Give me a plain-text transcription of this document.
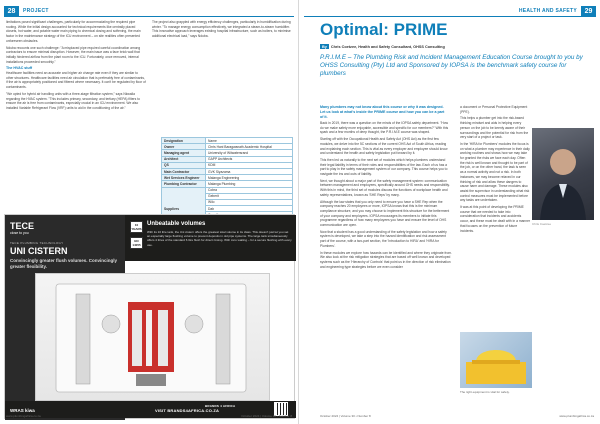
28	PROJECT

limitations posed significant challenges, particularly for accommodating the required pipe routing. While the initial design accounted for technical requirements like centrally placed closets, hot water, and potable water main piping to chemical dosing and softening, the main factor in the maintenance strategy of the ICU environment – on site realities often presented unforeseen obstacles.

Nduba recounts one such challenge: "A misplaced pipe required careful coordination among contractors to ensure minimal disruption. However, the main issue was a face brick wall that initially hindered airflow from the plant room to the ICU. Fortunately, once removed, internal installations proceeded smoothly."

The HVAC stuff

Healthcare facilities need an accurate and higher air change rate even if they are similar to other structures. Healthcare facilities need air circulation that is preferably free of contaminants, if the air is appropriately positioned and filtered where necessary. It can't be regulated by floor of contaminants.

"We opted for hybrid air handling units with a three-stage filtration system," says Nkwalla regarding the HVAC system. "This includes primary, secondary, and tertiary (HEPA) filters to ensure the air is free from contaminants, especially crucial in an ICU environment. We also installed Variable Refrigerant Flow (VRF) units to aid in the conditioning of the air."

The project also grappled with energy efficiency challenges, particularly in humidification during winter. "To manage energy consumption effectively, we integrated a steam-to-steam humidifier. This innovative approach leverages existing hospital infrastructure, such as boilers, to minimise additional electrical load," says Nduba.

Designation	Name
Owner	Chris Hani Baragwanath Academic Hospital
Managing agent	University of Witwatersrand
Architect	GAPP Architects
QS	KDM
Main Contractor	GVK Siyazama
Wet Services Engineer	Malanga Engineering
Plumbing Contractor	Malanga Plumbing
Suppliers	Cobra
	Geberit
	Wilo
	Dab

TECE
close to you
TECE PLUMBING TECHNOLOGY
UNI CISTERN
Convincingly greater flush volumes. Convincingly greater flexibility.
10 YEARS
EN 14055
Unbeatable volumes
With its 10 litre tank, the Uni cistern offers the greatest total volume in its class. This doesn't just let you set an especially large flushing volume to prevent deposits in old pipe systems. The large tank simultaneously offers 4 litres of the standard 6 litre flush for direct rinsing. With zero waiting – for a secure flushing with every use.
WRAS kiwa	VISIT BRANDS4AFRICA.CO.ZA
BRANDS 4 AFRICA
www.plumbingafrica.co.za	October 2024 | Volume 30 • Number 8
HEALTH AND SAFETY	29
Optimal: PRIME
By	Chris Coetzee, Health and Safety Consultant, OHSS Consulting
P.R.I.M.E – The Plumbing Risk and Incident Management Education Course brought to you by OHSS Consulting (Pty) Ltd and Sponsored by IOPSA is the benchmark safety course for plumbers
Many plumbers may not know about this course or why it was designed. Let us look at what's inside the PRIME course and how you can be a part of it.

Back in 2019, there was a question on the minds of the IOPSA safety department. "How do we make safety more enjoyable, accessible and specific for our members?" With this spark and a few months of deep thought, the P.R.I.M.E course was shaped.

Starting off with the Occupational Health and Safety Act (OHS Act) as the first few modules, we delve into the 5C sections of the current OHS Act of South Africa, reading and explaining each section. This is vital as every employer and employee should know and understand the health and safety legislation put forward by it.

This then led us naturally to the next set of modules which helps plumbers understand their legal liability in terms of their roles and responsibilities of the law. Each of us has a part to play in the safety management system of our company. This course helps you to navigate the ins and outs of liability.

Next, we thought about a major part of the safety management system: communication between management and employees, specifically around OHS needs and responsibility. With this in mind, the third set of modules discuss the functions of workplace health and safety representatives, known as 'SHE Reps' by many.

Although the law states that you only need to ensure you have a SHE Rep when the company reaches 20 employees or more, IOPSA knows that this is the minimum compliance structure, and you may choose to implement this structure for the betterment of your company and employees. IOPSA encourages its members to initiate this programme regardless of how many employees you have and ensure the level of OHS communication are open.

Now that a student has a good understanding of the safety legislation and how a safety system is developed, we take a step into the hazard identification and risk assessment part of the course, with a two-part section, the 'Introduction to HIRA' and 'HIRA for Plumbers'.

In these modules we explore how hazards can be identified and where they originate from. We also look at the risk mitigation strategies that are based off well known and developed systems such as the 'Hierarchy of Controls' that point us in the direction of risk elimination and engineering type strategies before we even consider

a document or Personal Protective Equipment (PPE).

This helps a plumber get into the risk-based thinking mindset and aids in helping every person on the job to be keenly aware of their surroundings and the potential for risk from the very start of a project or task.

In the 'HIRA for Plumbers' modules the focus is on what a plumber may experience in their daily working routines and shows how we may take for granted the risks we face each day. Often the risk is well known and thought to be part of the job, or on the other hand, the task is seen as a normal activity and not a risk. In both instances, we may become relaxed in our thinking of risk and allow these dangers to cause harm and damage. These modules also assist the supervisor in understanding what risk control measures must be implemented before any tasks are undertaken.

It was at this point of developing the PRIME course that we needed to take into consideration that incidents and accidents occur, and these must be dealt with in a manner that focuses on the prevention of future incidents.

Chris Coetzee
The right equipment is vital for safety.
October 2024 | Volume 30 • Number 8	www.plumbingafrica.co.za
